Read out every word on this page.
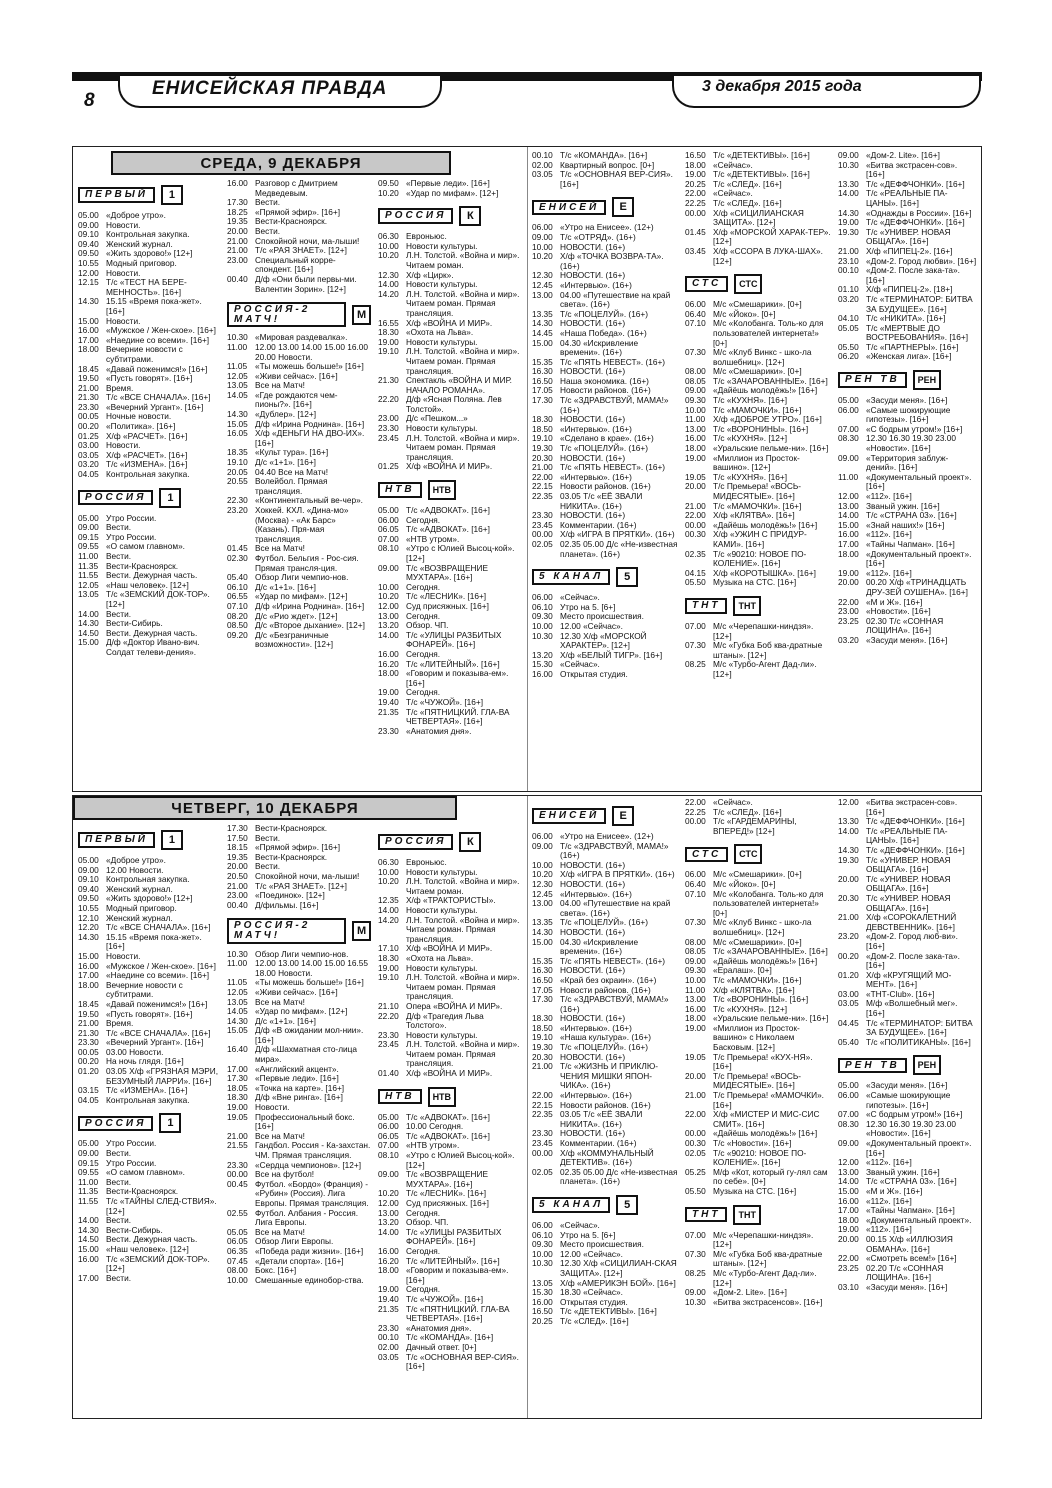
8
ЕНИСЕЙСКАЯ ПРАВДА	3 декабря 2015 года
СРЕДА, 9 ДЕКАБРЯ
ПЕРВЫЙ	1
05.00 «Доброе утро».
09.00 Новости.
09.10 Контрольная закупка.
09.40 Женский журнал.
09.50 «Жить здорово!» [12+]
10.55 Модный приговор.
12.00 Новости.
12.15 Т/с «ТЕСТ НА БЕРЕ-МЕННОСТЬ». [16+]
14.30 15.15 «Время пока-жет». [16+]
15.00 Новости.
16.00 «Мужское / Жен-ское». [16+]
17.00 «Наедине со всеми». [16+]
18.00 Вечерние новости с субтитрами.
18.45 «Давай поженимся!» [16+]
19.50 «Пусть говорят». [16+]
21.00 Время.
21.30 Т/с «ВСЕ СНАЧАЛА». [16+]
23.30 «Вечерний Ургант». [16+]
00.05 Ночные новости.
00.20 «Политика». [16+]
01.25 Х/ф «РАСЧЕТ». [16+]
03.00 Новости.
03.05 Х/ф «РАСЧЕТ». [16+]
03.20 Т/с «ИЗМЕНА». [16+]
04.05 Контрольная закупка.
РОССИЯ	1
05.00 Утро России.
09.00 Вести.
09.15 Утро России.
09.55 «О самом главном».
11.00 Вести.
11.35 Вести-Красноярск.
11.55 Вести. Дежурная часть.
12.05 «Наш человек». [12+]
13.05 Т/с «ЗЕМСКИЙ ДОК-ТОР». [12+]
14.00 Вести.
14.30 Вести-Сибирь.
14.50 Вести. Дежурная часть.
15.00 Д/ф «Доктор Ивано-вич. Солдат телеви-дения».
16.00 Разговор с Дмитрием Медведевым.
17.30 Вести.
18.25 «Прямой эфир». [16+]
19.35 Вести-Красноярск.
20.00 Вести.
21.00 Спокойной ночи, ма-лыши!
21.00 Т/с «РАЯ ЗНАЕТ». [12+]
23.00 Специальный корре-спондент. [16+]
00.40 Д/ф «Они были первы-ми. Валентин Зорин». [12+]
РОССИЯ-2 МАТЧ!	М
10.30 «Мировая раздевалка».
11.00 12.00 13.00 14.00 15.00 16.00 20.00 Новости.
11.05 «Ты можешь больше!» [16+]
12.05 «Живи сейчас». [16+]
13.05 Все на Матч!
14.05 «Где рождаются чем-пионы?». [16+]
14.30 «Дублер». [12+]
15.05 Д/ф «Ирина Роднина». [16+]
16.05 Х/ф «ДЕНЬГИ НА ДВО-ИХ». [16+]
18.35 «Культ тура». [16+]
19.10 Д/с «1+1». [16+]
20.05 04.40 Все на Матч!
20.55 Волейбол. Прямая трансляция.
22.30 «Континентальный ве-чер».
23.20 Хоккей. КХЛ. «Дина-мо» (Москва) - «Ак Барс» (Казань). Пря-мая трансляция.
01.45 Все на Матч!
02.30 Футбол. Бельгия - Рос-сия. Прямая трансля-ция.
05.40 Обзор Лиги чемпио-нов.
06.10 Д/с «1+1». [16+]
06.55 «Удар по мифам». [12+]
07.10 Д/ф «Ирина Роднина». [16+]
08.20 Д/с «Рио ждет». [12+]
08.50 Д/с «Второе дыхание». [12+]
09.20 Д/с «Безграничные возможности». [12+]
09.50 «Первые леди». [16+]
10.20 «Удар по мифам». [12+]
РОССИЯ	К
06.30 Евроньюс.
10.00 Новости культуры.
10.20 Л.Н. Толстой. «Война и мир». Читаем роман.
12.30 Х/ф «Цирк».
14.00 Новости культуры.
14.20 Л.Н. Толстой. «Война и мир». Читаем роман. Прямая трансляция.
16.55 Х/ф «ВОЙНА И МИР».
18.30 «Охота на Льва».
19.00 Новости культуры.
19.10 Л.Н. Толстой. «Война и мир». Читаем роман. Прямая трансляция.
21.30 Спектакль «ВОЙНА И МИР. НАЧАЛО РОМАНА».
22.20 Д/ф «Ясная Поляна. Лев Толстой».
23.00 Д/с «Пешком...»
23.30 Новости культуры.
23.45 Л.Н. Толстой. «Война и мир». Читаем роман. Прямая трансляция.
01.25 Х/ф «ВОЙНА И МИР».
НТВ	НТВ
05.00 Т/с «АДВОКАТ». [16+]
06.00 Сегодня.
06.05 Т/с «АДВОКАТ». [16+]
07.00 «НТВ утром».
08.10 «Утро с Юлией Высоц-кой». [12+]
09.00 Т/с «ВОЗВРАЩЕНИЕ МУХТАРА». [16+]
10.00 Сегодня.
10.20 Т/с «ЛЕСНИК». [16+]
12.00 Суд присяжных. [16+]
13.00 Сегодня.
13.20 Обзор. ЧП.
14.00 Т/с «УЛИЦЫ РАЗБИТЫХ ФОНАРЕЙ». [16+]
16.00 Сегодня.
16.20 Т/с «ЛИТЕЙНЫЙ». [16+]
18.00 «Говорим и показыва-ем». [16+]
19.00 Сегодня.
19.40 Т/с «ЧУЖОЙ». [16+]
21.35 Т/с «ПЯТНИЦКИЙ. ГЛА-ВА ЧЕТВЕРТАЯ». [16+]
23.30 «Анатомия дня».
00.10 Т/с «КОМАНДА». [16+]
02.00 Квартирный вопрос. [0+]
03.05 Т/с «ОСНОВНАЯ ВЕР-СИЯ». [16+]
ЕНИСЕЙ	Е
06.00 «Утро на Енисее». (12+)
09.00 Т/с «ОТРЯД». (16+)
10.00 НОВОСТИ. (16+)
10.20 Х/ф «ТОЧКА ВОЗВРА-ТА». (16+)
12.30 НОВОСТИ. (16+)
12.45 «Интервью». (16+)
13.00 04.00 «Путешествие на край света». (16+)
13.35 Т/с «ПОЦЕЛУЙ». (16+)
14.30 НОВОСТИ. (16+)
14.45 «Наша Победа». (16+)
15.00 04.30 «Искривление времени». (16+)
15.35 Т/с «ПЯТЬ НЕВЕСТ». (16+)
16.30 НОВОСТИ. (16+)
16.50 Наша экономика. (16+)
17.05 Новости районов. (16+)
17.30 Т/с «ЗДРАВСТВУЙ, МАМА!» (16+)
18.30 НОВОСТИ. (16+)
18.50 «Интервью». (16+)
19.10 «Сделано в крае». (16+)
19.30 Т/с «ПОЦЕЛУЙ». (16+)
20.30 НОВОСТИ. (16+)
21.00 Т/с «ПЯТЬ НЕВЕСТ». (16+)
22.00 «Интервью». (16+)
22.15 Новости районов. (16+)
22.35 03.05 Т/с «ЕЁ ЗВАЛИ НИКИТА». (16+)
23.30 НОВОСТИ. (16+)
23.45 Комментарии. (16+)
00.00 Х/ф «ИГРА В ПРЯТКИ». (16+)
02.05 02.35 05.00 Д/с «Не-известная планета». (16+)
5 КАНАЛ	5
06.00 «Сейчас».
06.10 Утро на 5. [6+]
09.30 Место происшествия.
10.00 12.00 «Сейчас».
10.30 12.30 Х/ф «МОРСКОЙ ХАРАКТЕР». [12+]
13.20 Х/ф «БЕЛЫЙ ТИГР». [16+]
15.30 «Сейчас».
16.00 Открытая студия.
16.50 Т/с «ДЕТЕКТИВЫ». [16+]
18.00 «Сейчас».
19.00 Т/с «ДЕТЕКТИВЫ». [16+]
20.25 Т/с «СЛЕД». [16+]
22.00 «Сейчас».
22.25 Т/с «СЛЕД». [16+]
00.00 Х/ф «СИЦИЛИАНСКАЯ ЗАЩИТА». [12+]
01.45 Х/ф «МОРСКОЙ ХАРАК-ТЕР». [12+]
03.45 Х/ф «ССОРА В ЛУКА-ШАХ». [12+]
СТС	СТС
06.00 М/с «Смешарики». [0+]
06.40 М/с «Йоко». [0+]
07.10 М/с «Колобанга. Толь-ко для пользователей интернета!» [0+]
07.30 М/с «Клуб Винкс - шко-ла волшебниц». [12+]
08.00 М/с «Смешарики». [0+]
08.05 Т/с «ЗАЧАРОВАННЫЕ». [16+]
09.00 «Дайёшь молодёжь!» [16+]
09.30 Т/с «КУХНЯ». [16+]
10.00 Т/с «МАМОЧКИ». [16+]
11.00 Х/ф «ДОБРОЕ УТРО». [16+]
13.00 Т/с «ВОРОНИНЫ». [16+]
16.00 Т/с «КУХНЯ». [12+]
18.00 «Уральские пельме-ни». [16+]
19.00 «Миллион из Просток-вашино». [12+]
19.05 Т/с «КУХНЯ». [16+]
20.00 Т/с Премьера! «ВОСЬ-МИДЕСЯТЫЕ». [16+]
21.00 Т/с «МАМОЧКИ». [16+]
22.00 Х/ф «КЛЯТВА». [16+]
00.00 «Дайёшь молодёжь!» [16+]
00.30 Х/ф «УЖИН С ПРИДУР-КАМИ». [16+]
02.35 Т/с «90210: НОВОЕ ПО-КОЛЕНИЕ». [16+]
04.15 Х/ф «КОРОТЫШКА». [16+]
05.50 Музыка на СТС. [16+]
ТНТ	ТНТ
07.00 М/с «Черепашки-ниндзя». [12+]
07.30 М/с «Губка Боб ква-дратные штаны». [12+]
08.25 М/с «Турбо-Агент Дад-ли». [12+]
09.00 «Дом-2. Lite». [16+]
10.30 «Битва экстрасен-сов». [16+]
13.30 Т/с «ДЕФФЧОНКИ». [16+]
14.00 Т/с «РЕАЛЬНЫЕ ПА-ЦАНЫ». [16+]
14.30 «Однажды в России». [16+]
19.00 Т/с «ДЕФФЧОНКИ». [16+]
19.30 Т/с «УНИВЕР. НОВАЯ ОБЩАГА». [16+]
21.00 Х/ф «ПИПЕЦ-2». [16+]
23.10 «Дом-2. Город любви». [16+]
00.10 «Дом-2. После зака-та». [16+]
01.10 Х/ф «ПИПЕЦ-2». [18+]
03.20 Т/с «ТЕРМИНАТОР: БИТВА ЗА БУДУЩЕЕ». [16+]
04.10 Т/с «НИКИТА». [16+]
05.05 Т/с «МЕРТВЫЕ ДО ВОСТРЕБОВАНИЯ». [16+]
05.50 Т/с «ПАРТНЕРЫ». [16+]
06.20 «Женская лига». [16+]
РЕН ТВ	РЕН
05.00 «Засуди меня». [16+]
06.00 «Самые шокирующие гипотезы». [16+]
07.00 «С бодрым утром!» [16+]
08.30 12.30 16.30 19.30 23.00 «Новости». [16+]
09.00 «Территория заблуж-дений». [16+]
11.00 «Документальный проект». [16+]
12.00 «112». [16+]
13.00 Званый ужин. [16+]
14.00 Т/с «СТРАНА 03». [16+]
15.00 «Знай наших!» [16+]
16.00 «112». [16+]
17.00 «Тайны Чапман». [16+]
18.00 «Документальный проект». [16+]
19.00 «112». [16+]
20.00 00.20 Х/ф «ТРИНАДЦАТЬ ДРУ-ЗЕЙ ОУШЕНА». [16+]
22.00 «М и Ж». [16+]
23.00 «Новости». [16+]
23.25 02.30 Т/с «СОННАЯ ЛОЩИНА». [16+]
03.20 «Засуди меня». [16+]
ЧЕТВЕРГ, 10 ДЕКАБРЯ
ПЕРВЫЙ	1
05.00 «Доброе утро».
09.00 12.00 Новости.
09.10 Контрольная закупка.
09.40 Женский журнал.
09.50 «Жить здорово!» [12+]
10.55 Модный приговор.
12.10 Женский журнал.
12.20 Т/с «ВСЕ СНАЧАЛА». [16+]
14.30 15.15 «Время пока-жет». [16+]
15.00 Новости.
16.00 «Мужское / Жен-ское». [16+]
17.00 «Наедине со всеми». [16+]
18.00 Вечерние новости с субтитрами.
18.45 «Давай поженимся!» [16+]
19.50 «Пусть говорят». [16+]
21.00 Время.
21.30 Т/с «ВСЕ СНАЧАЛА». [16+]
23.30 «Вечерний Ургант». [16+]
00.05 03.00 Новости.
00.20 На ночь глядя. [16+]
01.20 03.05 Х/ф «ГРЯЗНАЯ МЭРИ, БЕЗУМНЫЙ ЛАРРИ». [16+]
03.15 Т/с «ИЗМЕНА». [16+]
04.05 Контрольная закупка.
РОССИЯ	1
05.00 Утро России.
09.00 Вести.
09.15 Утро России.
09.55 «О самом главном».
11.00 Вести.
11.35 Вести-Красноярск.
11.55 Т/с «ТАЙНЫ СЛЕД-СТВИЯ». [12+]
14.00 Вести.
14.30 Вести-Сибирь.
14.50 Вести. Дежурная часть.
15.00 «Наш человек». [12+]
16.00 Т/с «ЗЕМСКИЙ ДОК-ТОР». [12+]
17.00 Вести.
17.30 Вести-Красноярск.
17.50 Вести.
18.15 «Прямой эфир». [16+]
19.35 Вести-Красноярск.
20.00 Вести.
20.50 Спокойной ночи, ма-лыши!
21.00 Т/с «РАЯ ЗНАЕТ». [12+]
23.00 «Поединок». [12+]
00.40 Д/фильмы. [16+]
РОССИЯ-2 МАТЧ!	М
10.30 Обзор Лиги чемпио-нов.
11.00 12.00 13.00 14.00 15.00 16.55 18.00 Новости.
11.05 «Ты можешь больше!» [16+]
12.05 «Живи сейчас». [16+]
13.05 Все на Матч!
14.05 «Удар по мифам». [12+]
14.30 Д/с «1+1». [16+]
15.05 Д/ф «В ожидании мол-нии». [16+]
16.40 Д/ф «Шахматная сто-лица мира».
17.00 «Английский акцент».
17.30 «Первые леди». [16+]
18.05 «Точка на карте». [16+]
18.30 Д/ф «Вне ринга». [16+]
19.00 Новости.
19.05 Профессиональный бокс. [16+]
21.00 Все на Матч!
21.55 Гандбол. Россия - Ка-захстан. ЧМ. Прямая трансляция.
23.30 «Сердца чемпионов». [12+]
00.00 Все на футбол!
00.45 Футбол. «Бордо» (Франция) - «Рубин» (Россия). Лига Европы. Прямая трансляция.
02.55 Футбол. Албания - Россия. Лига Европы.
05.05 Все на Матч!
06.05 Обзор Лиги Европы.
06.35 «Победа ради жизни». [16+]
07.45 «Детали спорта». [16+]
08.00 Бокс. [16+]
10.00 Смешанные единобор-ства.
РОССИЯ	К
06.30 Евроньюс.
10.00 Новости культуры.
10.20 Л.Н. Толстой. «Война и мир». Читаем роман.
12.35 Х/ф «ТРАКТОРИСТЫ».
14.00 Новости культуры.
14.20 Л.Н. Толстой. «Война и мир». Читаем роман. Прямая трансляция.
17.10 Х/ф «ВОЙНА И МИР».
18.30 «Охота на Льва».
19.00 Новости культуры.
19.10 Л.Н. Толстой. «Война и мир». Читаем роман. Прямая трансляция.
21.10 Опера «ВОЙНА И МИР».
22.20 Д/ф «Трагедия Льва Толстого».
23.30 Новости культуры.
23.45 Л.Н. Толстой. «Война и мир». Читаем роман. Прямая трансляция.
01.40 Х/ф «ВОЙНА И МИР».
НТВ	НТВ
05.00 Т/с «АДВОКАТ». [16+]
06.00 10.00 Сегодня.
06.05 Т/с «АДВОКАТ». [16+]
07.00 «НТВ утром».
08.10 «Утро с Юлией Высоц-кой». [12+]
09.00 Т/с «ВОЗВРАЩЕНИЕ МУХТАРА». [16+]
10.20 Т/с «ЛЕСНИК». [16+]
12.00 Суд присяжных. [16+]
13.00 Сегодня.
13.20 Обзор. ЧП.
14.00 Т/с «УЛИЦЫ РАЗБИТЫХ ФОНАРЕЙ». [16+]
16.00 Сегодня.
16.20 Т/с «ЛИТЕЙНЫЙ». [16+]
18.00 «Говорим и показыва-ем». [16+]
19.00 Сегодня.
19.40 Т/с «ЧУЖОЙ». [16+]
21.35 Т/с «ПЯТНИЦКИЙ. ГЛА-ВА ЧЕТВЕРТАЯ». [16+]
23.30 «Анатомия дня».
00.10 Т/с «КОМАНДА». [16+]
02.00 Дачный ответ. [0+]
03.05 Т/с «ОСНОВНАЯ ВЕР-СИЯ». [16+]
ЕНИСЕЙ	Е
06.00 «Утро на Енисее». (12+)
09.00 Т/с «ЗДРАВСТВУЙ, МАМА!» (16+)
10.00 НОВОСТИ. (16+)
10.20 Х/ф «ИГРА В ПРЯТКИ». (16+)
12.30 НОВОСТИ. (16+)
12.45 «Интервью». (16+)
13.00 04.00 «Путешествие на край света». (16+)
13.35 Т/с «ПОЦЕЛУЙ». (16+)
14.30 НОВОСТИ. (16+)
15.00 04.30 «Искривление времени». (16+)
15.35 Т/с «ПЯТЬ НЕВЕСТ». (16+)
16.30 НОВОСТИ. (16+)
16.50 «Край без окраин». (16+)
17.05 Новости районов. (16+)
17.30 Т/с «ЗДРАВСТВУЙ, МАМА!» (16+)
18.30 НОВОСТИ. (16+)
18.50 «Интервью». (16+)
19.10 «Наша культура». (16+)
19.30 Т/с «ПОЦЕЛУЙ». (16+)
20.30 НОВОСТИ. (16+)
21.00 Т/с «ЖИЗНЬ И ПРИКЛЮ-ЧЕНИЯ МИШКИ ЯПОН-ЧИКА». (16+)
22.00 «Интервью». (16+)
22.15 Новости районов. (16+)
22.35 03.05 Т/с «ЕЁ ЗВАЛИ НИКИТА». (16+)
23.30 НОВОСТИ. (16+)
23.45 Комментарии. (16+)
00.00 Х/ф «КОММУНАЛЬНЫЙ ДЕТЕКТИВ». (16+)
02.05 02.35 05.00 Д/с «Не-известная планета». (16+)
5 КАНАЛ	5
06.00 «Сейчас».
06.10 Утро на 5. [6+]
09.30 Место происшествия.
10.00 12.00 «Сейчас».
10.30 12.30 Х/ф «СИЦИЛИАН-СКАЯ ЗАЩИТА». [12+]
13.05 Х/ф «АМЕРИКЭН БОЙ». [16+]
15.30 18.30 «Сейчас».
16.00 Открытая студия.
16.50 Т/с «ДЕТЕКТИВЫ». [16+]
20.25 Т/с «СЛЕД». [16+]
22.00 «Сейчас».
22.25 Т/с «СЛЕД». [16+]
00.00 Т/с «ГАРДЕМАРИНЫ, ВПЕРЕД!» [12+]
СТС	СТС
06.00 М/с «Смешарики». [0+]
06.40 М/с «Йоко». [0+]
07.10 М/с «Колобанга. Толь-ко для пользователей интернета!» [0+]
07.30 М/с «Клуб Винкс - шко-ла волшебниц». [12+]
08.00 М/с «Смешарики». [0+]
08.05 Т/с «ЗАЧАРОВАННЫЕ». [16+]
09.00 «Дайёшь молодёжь!» [16+]
09.30 «Ералаш». [0+]
10.00 Т/с «МАМОЧКИ». [16+]
11.00 Х/ф «КЛЯТВА». [16+]
13.00 Т/с «ВОРОНИНЫ». [16+]
16.00 Т/с «КУХНЯ». [12+]
18.00 «Уральские пельме-ни». [16+]
19.00 «Миллион из Просток-вашино» с Николаем Басковым. [12+]
19.05 Т/с Премьера! «КУХ-НЯ». [16+]
20.00 Т/с Премьера! «ВОСЬ-МИДЕСЯТЫЕ». [16+]
21.00 Т/с Премьера! «МАМОЧКИ». [16+]
22.00 Х/ф «МИСТЕР И МИС-СИС СМИТ». [16+]
00.00 «Дайёшь молодёжь!» [16+]
00.30 Т/с «Новости». [16+]
02.05 Т/с «90210: НОВОЕ ПО-КОЛЕНИЕ». [16+]
05.25 М/ф «Кот, который гу-лял сам по себе». [0+]
05.50 Музыка на СТС. [16+]
ТНТ	ТНТ
07.00 М/с «Черепашки-ниндзя». [12+]
07.30 М/с «Губка Боб ква-дратные штаны». [12+]
08.25 М/с «Турбо-Агент Дад-ли». [12+]
09.00 «Дом-2. Lite». [16+]
10.30 «Битва экстрасенсов». [16+]
12.00 «Битва экстрасен-сов». [16+]
13.30 Т/с «ДЕФФЧОНКИ». [16+]
14.00 Т/с «РЕАЛЬНЫЕ ПА-ЦАНЫ». [16+]
14.30 Т/с «ДЕФФЧОНКИ». [16+]
19.30 Т/с «УНИВЕР. НОВАЯ ОБЩАГА». [16+]
20.00 Т/с «УНИВЕР. НОВАЯ ОБЩАГА». [16+]
20.30 Т/с «УНИВЕР. НОВАЯ ОБЩАГА». [16+]
21.00 Х/ф «СОРОКАЛЕТНИЙ ДЕВСТВЕННИК». [16+]
23.20 «Дом-2. Город люб-ви». [16+]
00.20 «Дом-2. После зака-та». [16+]
01.20 Х/ф «КРУГЯЩИЙ МО-МЕНТ». [16+]
03.00 «ТНТ-Club». [16+]
03.05 М/ф «Волшебный мег». [16+]
04.45 Т/с «ТЕРМИНАТОР: БИТВА ЗА БУДУЩЕЕ». [16+]
05.40 Т/с «ПОЛИТИКАНЫ». [16+]
РЕН ТВ	РЕН
05.00 «Засуди меня». [16+]
06.00 «Самые шокирующие гипотезы». [16+]
07.00 «С бодрым утром!» [16+]
08.30 12.30 16.30 19.30 23.00 «Новости». [16+]
09.00 «Документальный проект». [16+]
12.00 «112». [16+]
13.00 Званый ужин. [16+]
14.00 Т/с «СТРАНА 03». [16+]
15.00 «М и Ж». [16+]
16.00 «112». [16+]
17.00 «Тайны Чапман». [16+]
18.00 «Документальный проект».
19.00 «112». [16+]
20.00 00.15 Х/ф «ИЛЛЮЗИЯ ОБМАНА». [16+]
22.00 «Смотреть всем!» [16+]
23.25 02.20 Т/с «СОННАЯ ЛОЩИНА». [16+]
03.10 «Засуди меня». [16+]
